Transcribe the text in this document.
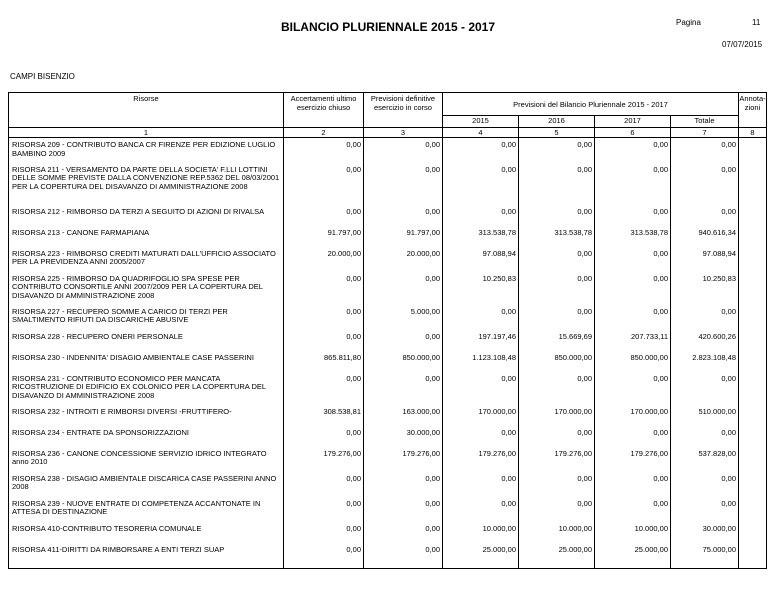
BILANCIO PLURIENNALE 2015 - 2017	Pagina	11
07/07/2015
CAMPI BISENZIO
Risorse	Accertamenti ultimo esercizio chiuso	Previsioni definitive esercizio in corso	Previsioni del Bilancio Pluriennale 2015 - 2017				Annota-zioni
			2015	2016	2017	Totale	
1	2	3	4	5	6	7	8
RISORSA 209 - CONTRIBUTO BANCA CR FIRENZE PER EDIZIONE LUGLIO BAMBINO 2009	0,00	0,00	0,00	0,00	0,00	0,00	
RISORSA 211 - VERSAMENTO DA PARTE DELLA SOCIETA' F.LLI LOTTINI DELLE SOMME PREVISTE DALLA CONVENZIONE REP.5362 DEL 08/03/2001 PER LA COPERTURA DEL DISAVANZO DI AMMINISTRAZIONE 2008	0,00	0,00	0,00	0,00	0,00	0,00	
RISORSA 212 - RIMBORSO DA TERZI A SEGUITO DI AZIONI DI RIVALSA	0,00	0,00	0,00	0,00	0,00	0,00	
RISORSA 213 - CANONE FARMAPIANA	91.797,00	91.797,00	313.538,78	313.538,78	313.538,78	940.616,34	
RISORSA 223 - RIMBORSO CREDITI MATURATI DALL'UFFICIO ASSOCIATO PER LA PREVIDENZA ANNI 2005/2007	20.000,00	20.000,00	97.088,94	0,00	0,00	97.088,94	
RISORSA 225 - RIMBORSO DA QUADRIFOGLIO SPA SPESE PER CONTRIBUTO CONSORTILE ANNI 2007/2009 PER LA COPERTURA DEL DISAVANZO DI AMMINISTRAZIONE 2008	0,00	0,00	10.250,83	0,00	0,00	10.250,83	
RISORSA 227 - RECUPERO SOMME A CARICO DI TERZI PER SMALTIMENTO RIFIUTI DA DISCARICHE ABUSIVE	0,00	5.000,00	0,00	0,00	0,00	0,00	
RISORSA 228 - RECUPERO ONERI PERSONALE	0,00	0,00	197.197,46	15.669,69	207.733,11	420.600,26	
RISORSA 230 - INDENNITA' DISAGIO AMBIENTALE CASE PASSERINI	865.811,80	850.000,00	1.123.108,48	850.000,00	850.000,00	2.823.108,48	
RISORSA 231 - CONTRIBUTO ECONOMICO PER MANCATA RICOSTRUZIONE DI EDIFICIO EX COLONICO PER LA COPERTURA DEL DISAVANZO DI AMMINISTRAZIONE 2008	0,00	0,00	0,00	0,00	0,00	0,00	
RISORSA 232 - INTROITI E RIMBORSI DIVERSI -FRUTTIFERO-	308.538,81	163.000,00	170.000,00	170.000,00	170.000,00	510.000,00	
RISORSA 234 - ENTRATE DA SPONSORIZZAZIONI	0,00	30.000,00	0,00	0,00	0,00	0,00	
RISORSA 236 - CANONE CONCESSIONE SERVIZIO IDRICO INTEGRATO anno 2010	179.276,00	179.276,00	179.276,00	179.276,00	179.276,00	537.828,00	
RISORSA 238 - DISAGIO AMBIENTALE DISCARICA CASE PASSERINI ANNO 2008	0,00	0,00	0,00	0,00	0,00	0,00	
RISORSA 239 - NUOVE ENTRATE DI COMPETENZA ACCANTONATE IN ATTESA DI DESTINAZIONE	0,00	0,00	0,00	0,00	0,00	0,00	
RISORSA 410-CONTRIBUTO TESORERIA COMUNALE	0,00	0,00	10.000,00	10.000,00	10.000,00	30.000,00	
RISORSA 411-DIRITTI DA RIMBORSARE A ENTI TERZI SUAP	0,00	0,00	25.000,00	25.000,00	25.000,00	75.000,00	
